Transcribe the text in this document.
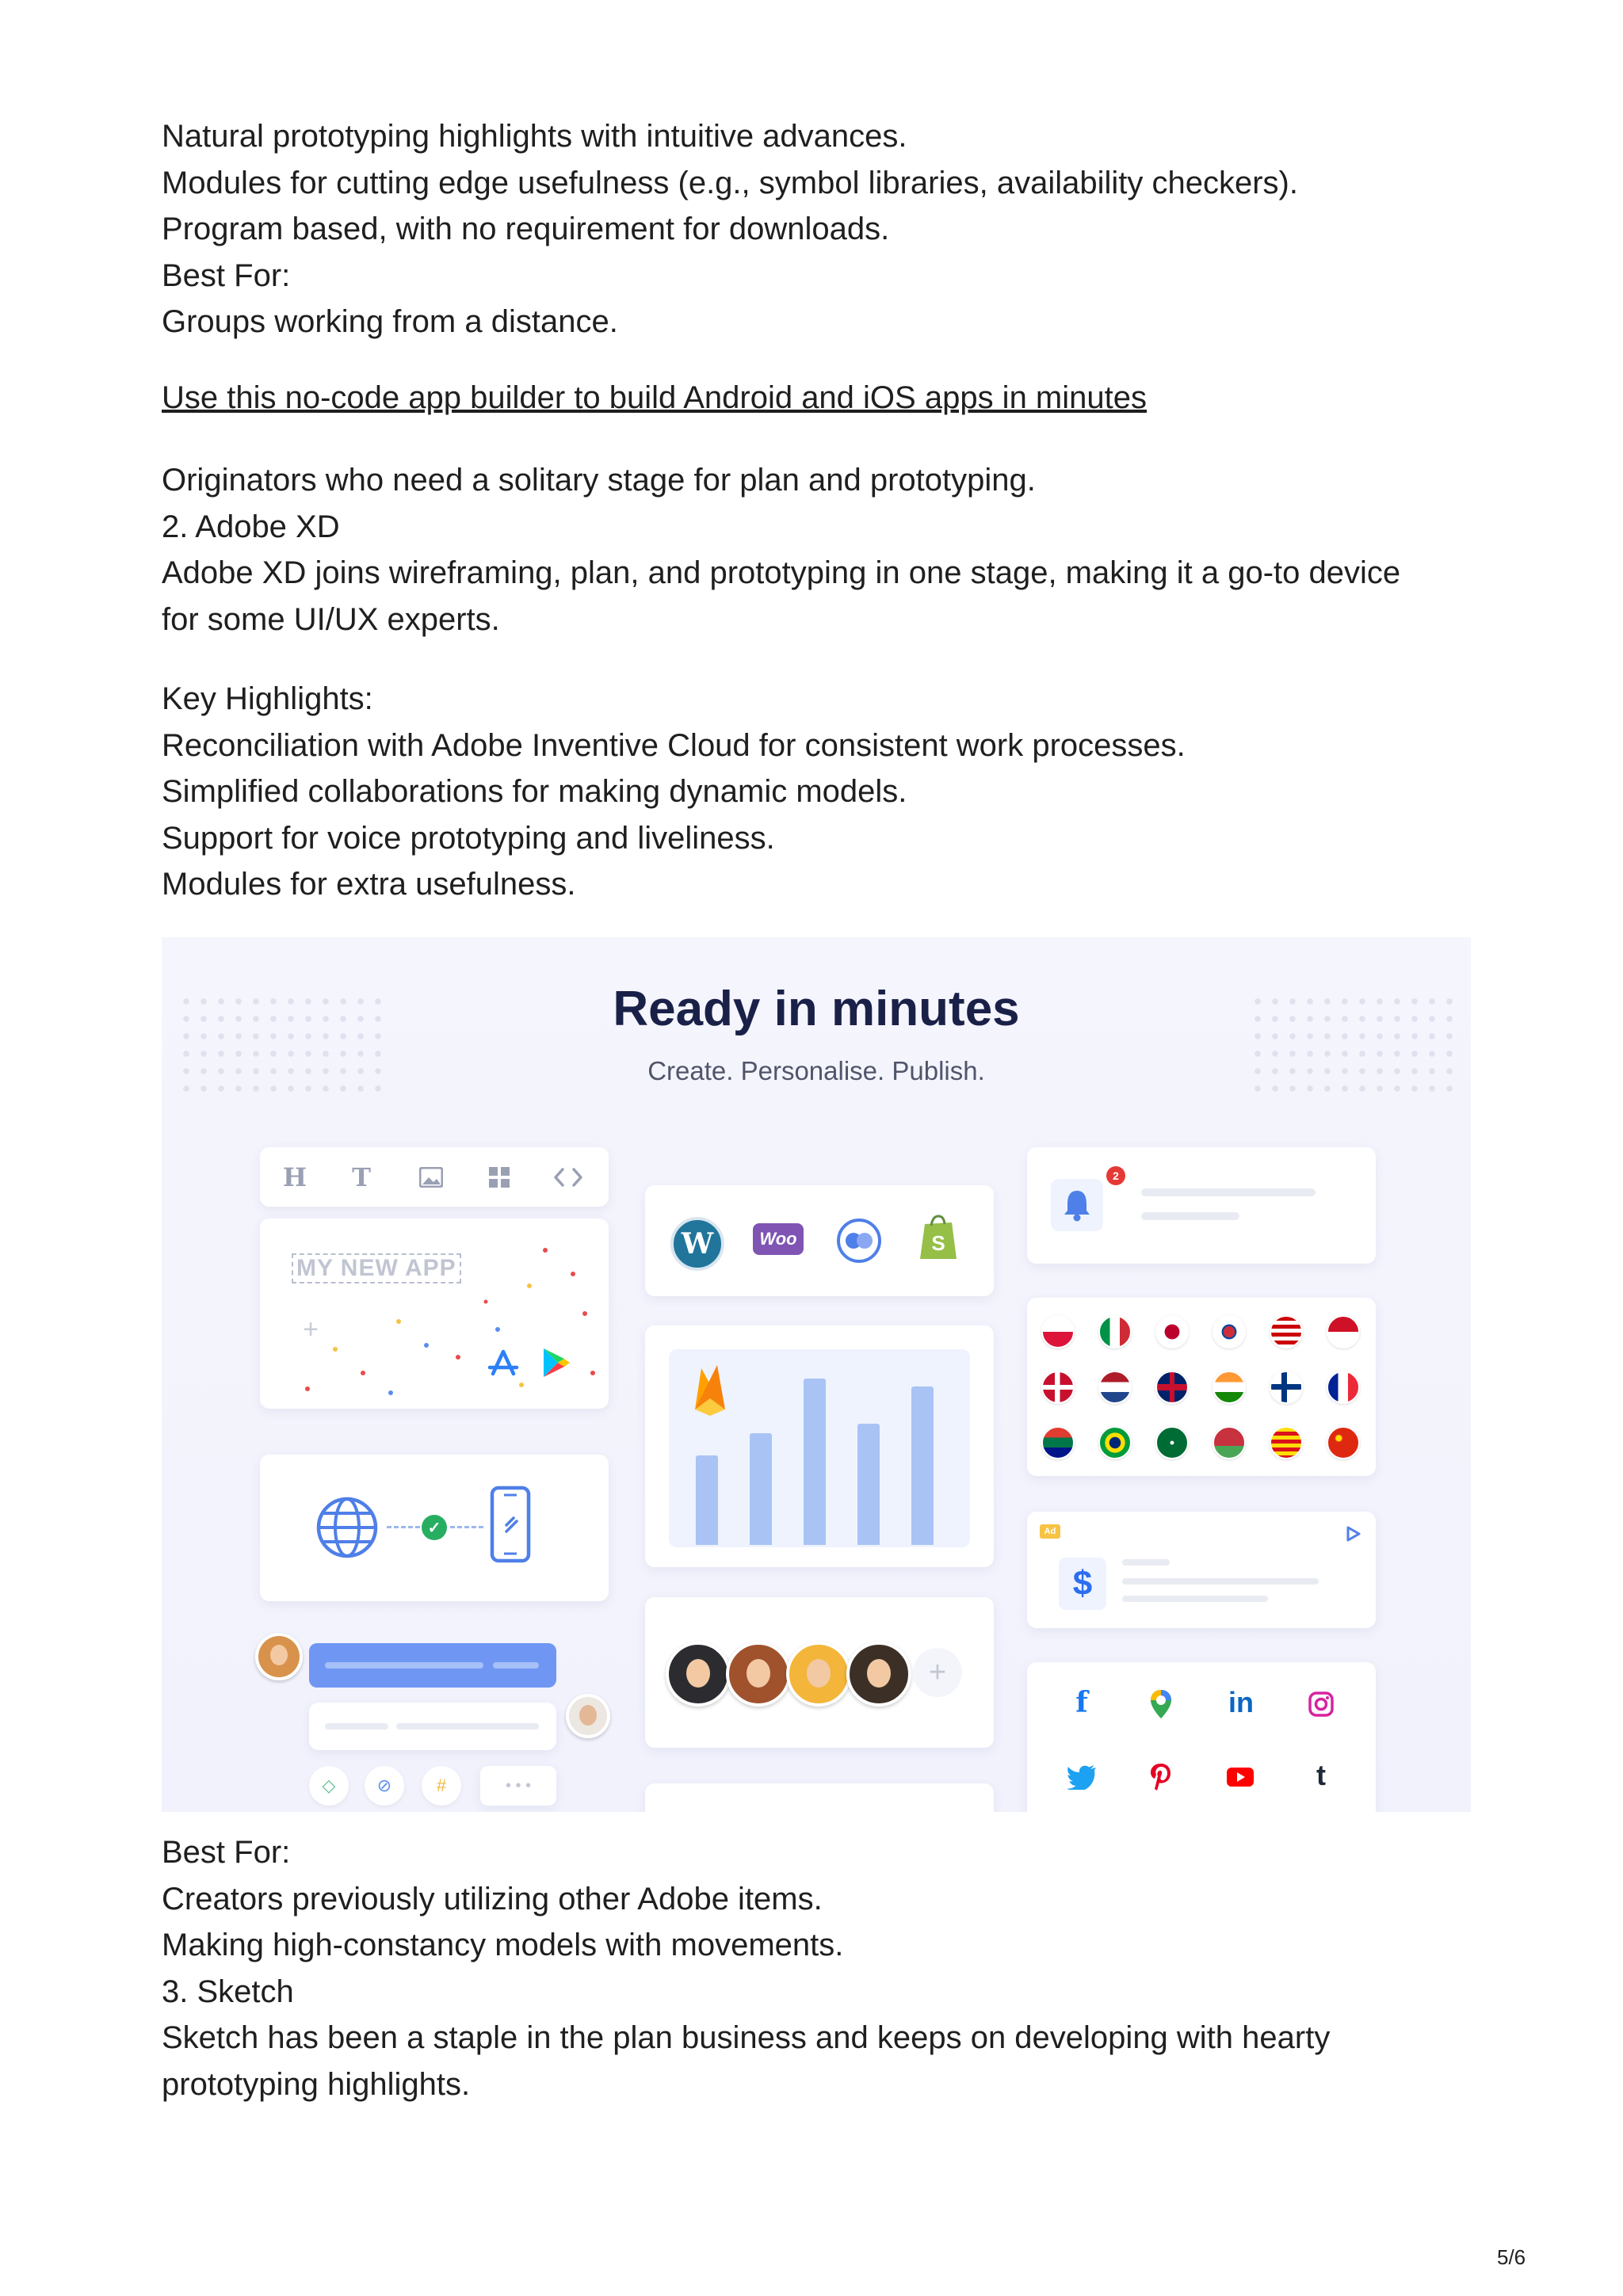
Natural prototyping highlights with intuitive advances.
Modules for cutting edge usefulness (e.g., symbol libraries, availability checkers).
Program based, with no requirement for downloads.
Best For:
Groups working from a distance.
Use this no-code app builder to build Android and iOS apps in minutes
Originators who need a solitary stage for plan and prototyping.
2. Adobe XD
Adobe XD joins wireframing, plan, and prototyping in one stage, making it a go-to device
for some UI/UX experts.
Key Highlights:
Reconciliation with Adobe Inventive Cloud for consistent work processes.
Simplified collaborations for making dynamic models.
Support for voice prototyping and liveliness.
Modules for extra usefulness.
Ready in minutes
Create. Personalise. Publish.
H	T
MY NEW APP
+
✓
◇	⊘	#	• • •
W	Woo	S
+
2
Ad
$
f	in
t
Best For:
Creators previously utilizing other Adobe items.
Making high-constancy models with movements.
3. Sketch
Sketch has been a staple in the plan business and keeps on developing with hearty
prototyping highlights.
5/6
